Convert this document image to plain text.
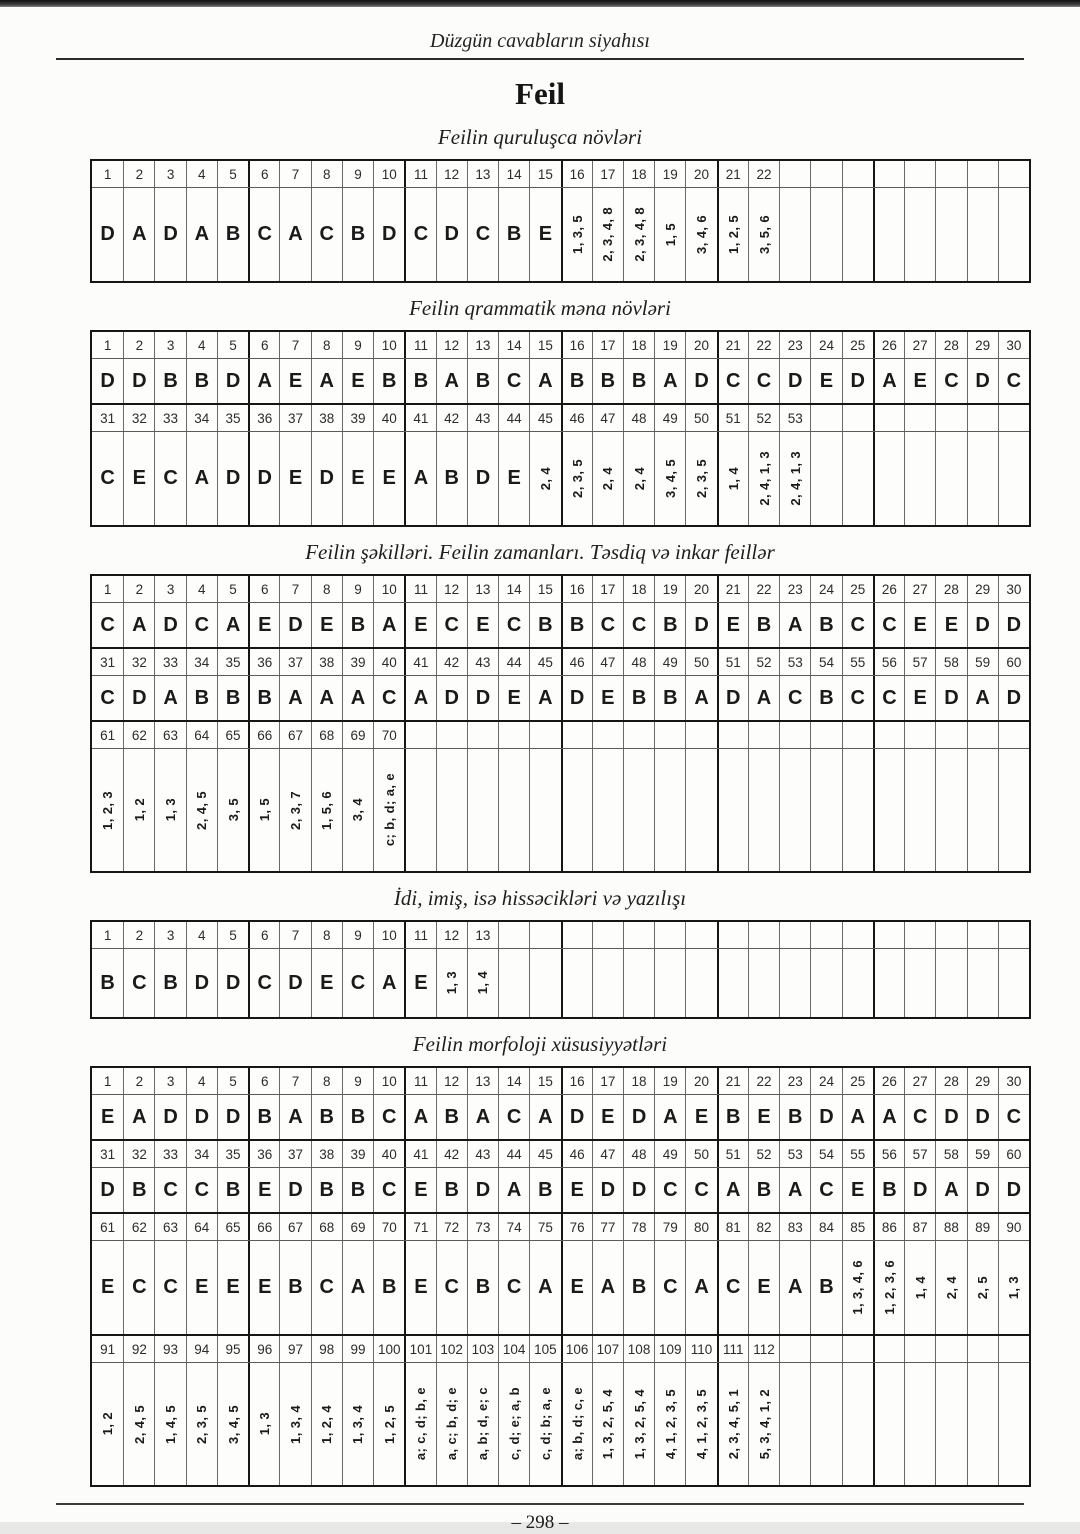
Düzgün cavabların siyahısı
Feil
Feilin quruluşca növləri
1 2 3 4 5 6 7 8 9 10 11 12 13 14 15 16 17 18 19 20 21 22
D A D A B C A C B D C D C B E 1, 3, 5 2, 3, 4, 8 2, 3, 4, 8 1, 5 3, 4, 6 1, 2, 5 3, 5, 6
Feilin qrammatik məna növləri
1 2 3 4 5 6 7 8 9 10 11 12 13 14 15 16 17 18 19 20 21 22 23 24 25 26 27 28 29 30
D D B B D A E A E B B A B C A B B B A D C C D E D A E C D C
31 32 33 34 35 36 37 38 39 40 41 42 43 44 45 46 47 48 49 50 51 52 53
C E C A D D E D E E A B D E 2, 4 2, 3, 5 2, 4 2, 4 3, 4, 5 2, 3, 5 1, 4 2, 4, 1, 3 2, 4, 1, 3
Feilin şəkilləri. Feilin zamanları. Təsdiq və inkar feillər
1 2 3 4 5 6 7 8 9 10 11 12 13 14 15 16 17 18 19 20 21 22 23 24 25 26 27 28 29 30
C A D C A E D E B A E C E C B B C C B D E B A B C C E E D D
31 32 33 34 35 36 37 38 39 40 41 42 43 44 45 46 47 48 49 50 51 52 53 54 55 56 57 58 59 60
C D A B B B A A A C A D D E A D E B B A D A C B C C E D A D
61 62 63 64 65 66 67 68 69 70
1, 2, 3 1, 2 1, 3 2, 4, 5 3, 5 1, 5 2, 3, 7 1, 5, 6 3, 4 c; b, d; a, e
İdi, imiş, isə hissəcikləri və yazılışı
1 2 3 4 5 6 7 8 9 10 11 12 13
B C B D D C D E C A E 1, 3 1, 4
Feilin morfoloji xüsusiyyətləri
1 2 3 4 5 6 7 8 9 10 11 12 13 14 15 16 17 18 19 20 21 22 23 24 25 26 27 28 29 30
E A D D D B A B B C A B A C A D E D A E B E B D A A C D D C
31 32 33 34 35 36 37 38 39 40 41 42 43 44 45 46 47 48 49 50 51 52 53 54 55 56 57 58 59 60
D B C C B E D B B C E B D A B E D D C C A B A C E B D A D D
61 62 63 64 65 66 67 68 69 70 71 72 73 74 75 76 77 78 79 80 81 82 83 84 85 86 87 88 89 90
E C C E E E B C A B E C B C A E A B C A C E A B 1, 3, 4, 6 1, 2, 3, 6 1, 4 2, 4 2, 5 1, 3
91 92 93 94 95 96 97 98 99 100 101 102 103 104 105 106 107 108 109 110 111 112
1, 2 2, 4, 5 1, 4, 5 2, 3, 5 3, 4, 5 1, 3 1, 3, 4 1, 2, 4 1, 3, 4 1, 2, 5 a; c, d; b, e a, c; b, d; e a, b; d, e; c c, d; e; a, b c, d; b; a, e a; b, d; c, e 1, 3, 2, 5, 4 1, 3, 2, 5, 4 4, 1, 2, 3, 5 4, 1, 2, 3, 5 2, 3, 4, 5, 1 5, 3, 4, 1, 2
– 298 –
